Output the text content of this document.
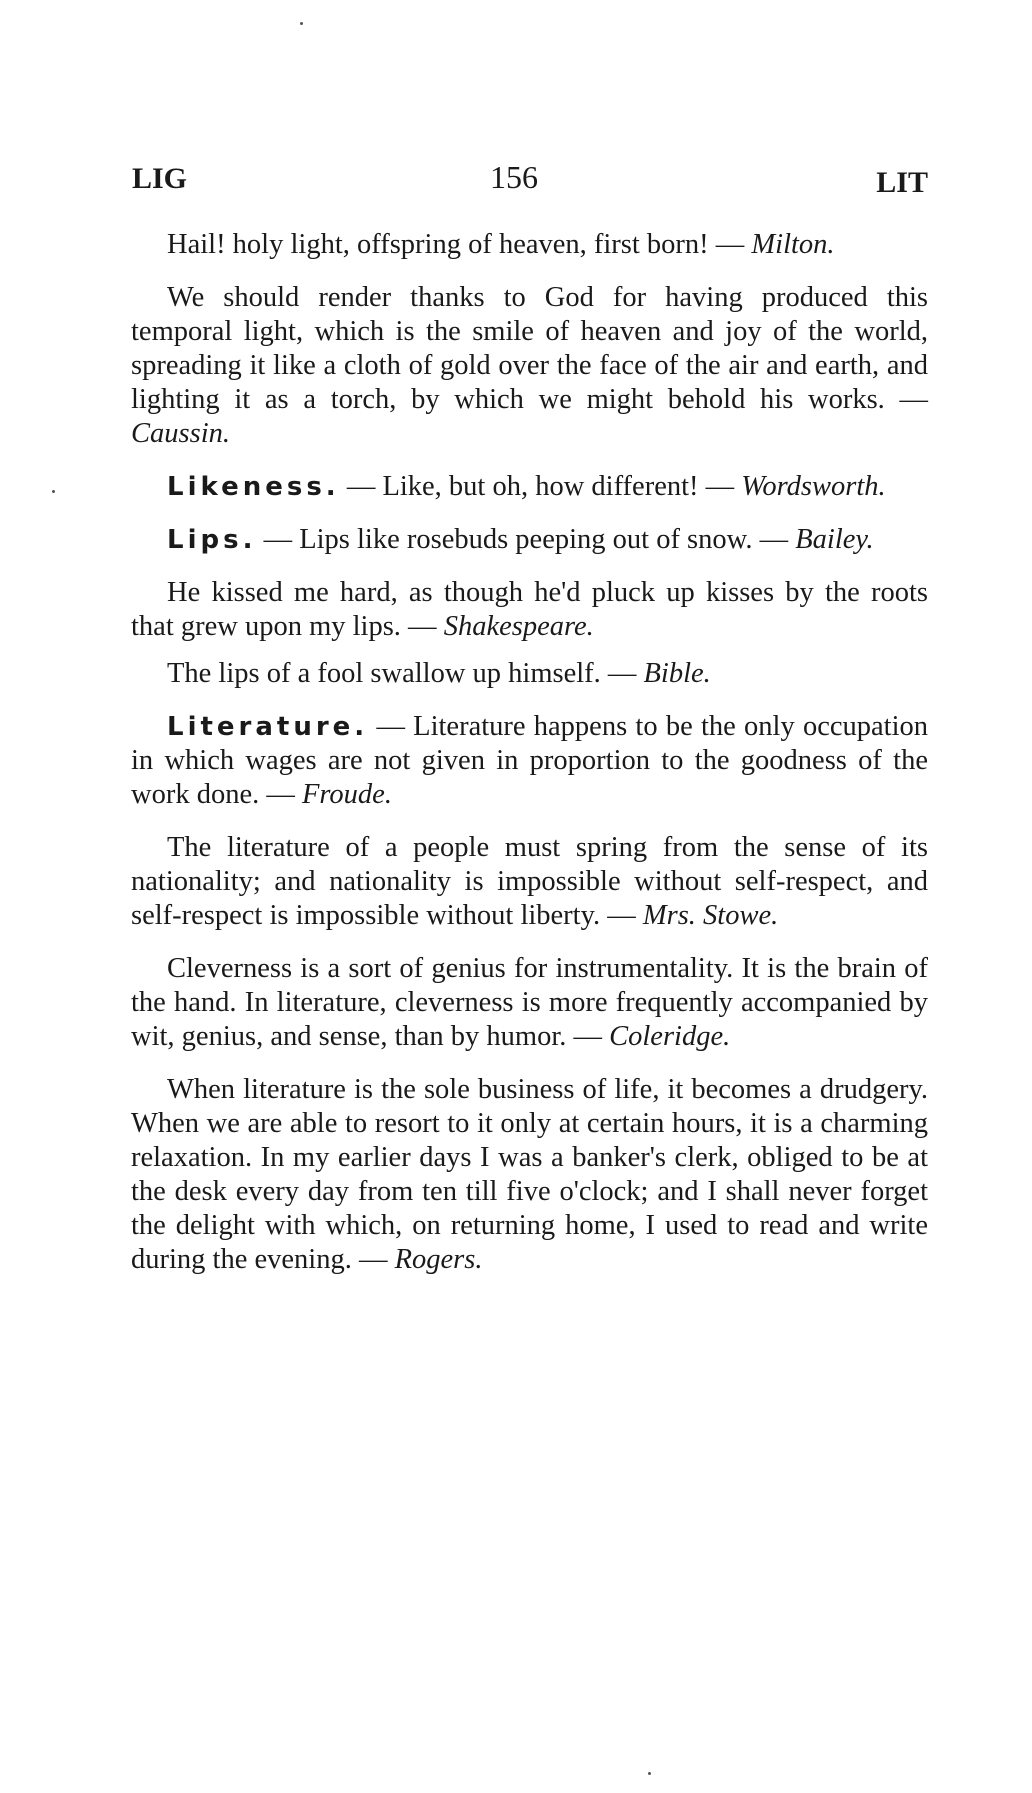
LIG	156	LIT

Hail! holy light, offspring of heaven, first born! — Milton.

We should render thanks to God for having produced this temporal light, which is the smile of heaven and joy of the world, spreading it like a cloth of gold over the face of the air and earth, and lighting it as a torch, by which we might behold his works. — Caussin.

Likeness. — Like, but oh, how different! — Wordsworth.

Lips. — Lips like rosebuds peeping out of snow. — Bailey.

He kissed me hard, as though he'd pluck up kisses by the roots that grew upon my lips. — Shakespeare.

The lips of a fool swallow up himself. — Bible.

Literature. — Literature happens to be the only occupation in which wages are not given in proportion to the goodness of the work done. — Froude.

The literature of a people must spring from the sense of its nationality; and nationality is impossible without self-respect, and self-respect is impossible without liberty. — Mrs. Stowe.

Cleverness is a sort of genius for instrumentality. It is the brain of the hand. In literature, cleverness is more frequently accompanied by wit, genius, and sense, than by humor. — Coleridge.

When literature is the sole business of life, it becomes a drudgery. When we are able to resort to it only at certain hours, it is a charming relaxation. In my earlier days I was a banker's clerk, obliged to be at the desk every day from ten till five o'clock; and I shall never forget the delight with which, on returning home, I used to read and write during the evening. — Rogers.
